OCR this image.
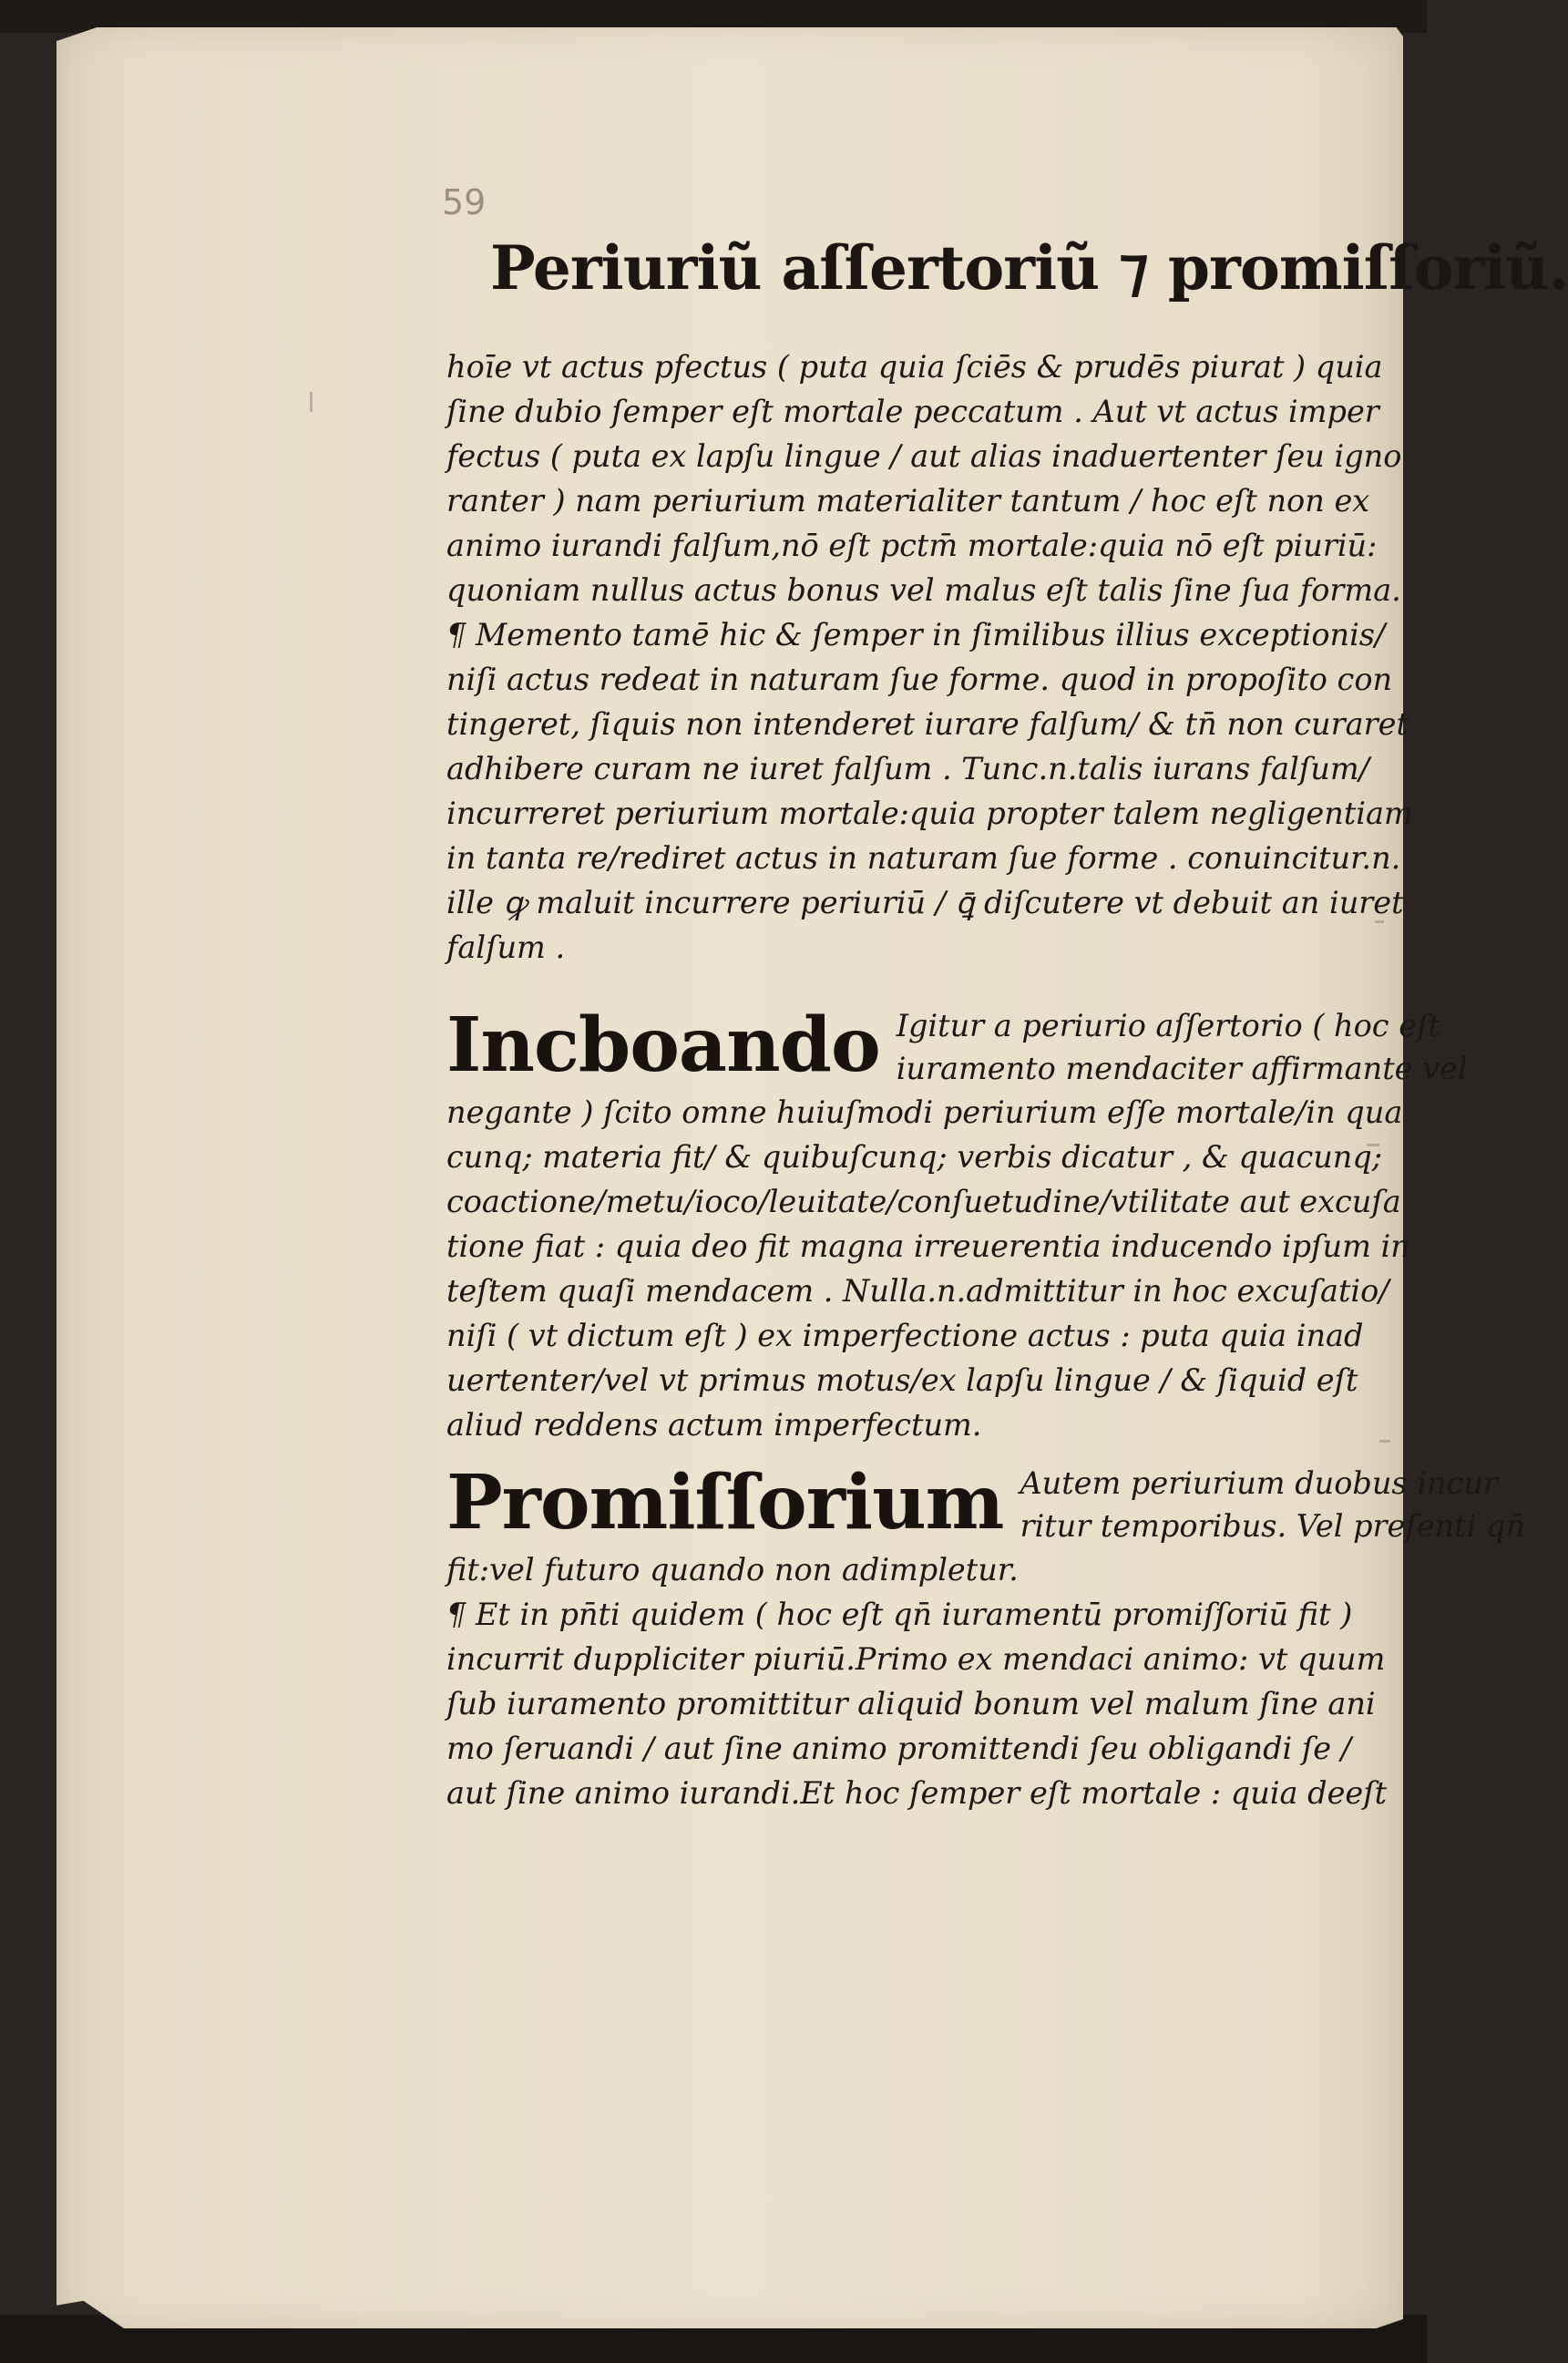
59
Periuriũ aſſertoriũ ⁊ promiſſoriũ.
hoīe vt actus pfectus ( puta quia ſciēs & prudēs piurat ) quia
ſine dubio ſemper eſt mortale peccatum . Aut vt actus imper
fectus ( puta ex lapſu lingue / aut alias inaduertenter ſeu igno
ranter ) nam periurium materialiter tantum / hoc eſt non ex
animo iurandi falſum,nō eſt pctm̄ mortale:quia nō eſt piuriū:
quoniam nullus actus bonus vel malus eſt talis ſine ſua forma.
¶ Memento tamē hic & ſemper in ſimilibus illius exceptionis/
niſi actus redeat in naturam ſue forme. quod in propoſito con
tingeret, ſiquis non intenderet iurare falſum/ & tn̄ non curaret
adhibere curam ne iuret falſum . Tunc.n.talis iurans falſum/
incurreret periurium mortale:quia propter talem negligentiam
in tanta re/rediret actus in naturam ſue forme . conuincitur.n.
ille ꝙ maluit incurrere periuriū / ꝗ̄ diſcutere vt debuit an iuret
falſum .
Incboando Igitur a periurio aſſertorio ( hoc eſt
iuramento mendaciter affirmante vel
negante ) ſcito omne huiuſmodi periurium eſſe mortale/in qua
cunq; materia fit/ & quibuſcunq; verbis dicatur , & quacunq;
coactione/metu/ioco/leuitate/conſuetudine/vtilitate aut excuſa
tione fiat : quia deo fit magna irreuerentia inducendo ipſum in
teſtem quaſi mendacem . Nulla.n.admittitur in hoc excuſatio/
niſi ( vt dictum eſt ) ex imperfectione actus : puta quia inad
uertenter/vel vt primus motus/ex lapſu lingue / & ſiquid eſt
aliud reddens actum imperfectum.
Promiſſorium Autem periurium duobus incur
ritur temporibus. Vel preſenti qn̄
fit:vel futuro quando non adimpletur.
¶ Et in pn̄ti quidem ( hoc eſt qn̄ iuramentū promiſſoriū fit )
incurrit duppliciter piuriū.Primo ex mendaci animo: vt quum
ſub iuramento promittitur aliquid bonum vel malum ſine ani
mo ſeruandi / aut ſine animo promittendi ſeu obligandi ſe /
aut ſine animo iurandi.Et hoc ſemper eſt mortale : quia deeſt
